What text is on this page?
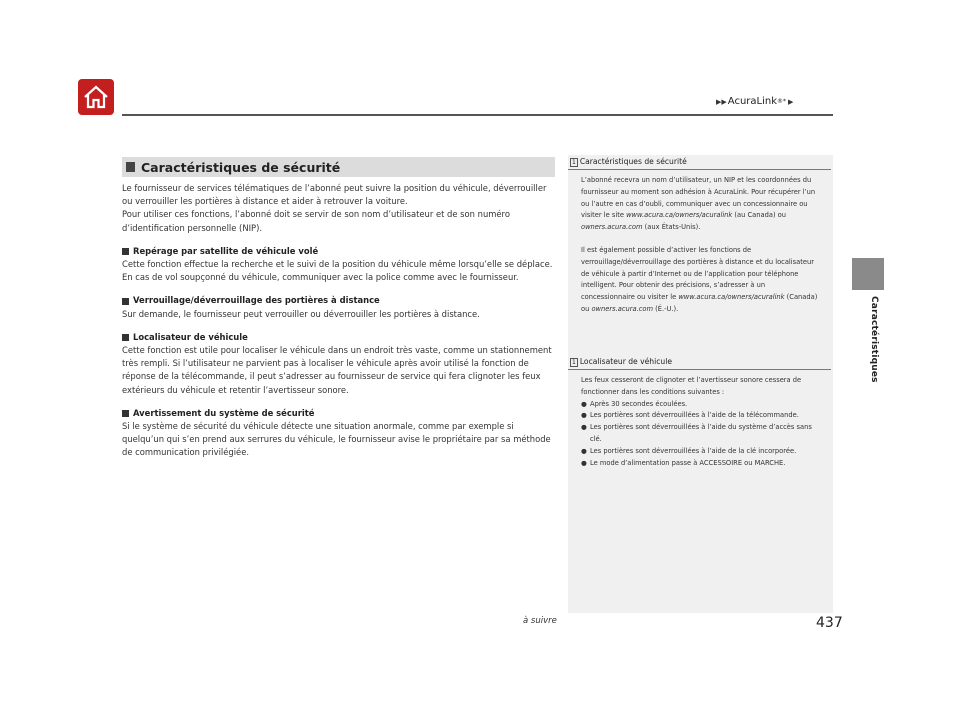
▶▶ AcuraLink ®* ▶
Caractéristiques
Caractéristiques de sécurité

Le fournisseur de services télématiques de l’abonné peut suivre la position du véhicule, déverrouiller ou verrouiller les portières à distance et aider à retrouver la voiture.

Pour utiliser ces fonctions, l’abonné doit se servir de son nom d’utilisateur et de son numéro d’identification personnelle (NIP).

Repérage par satellite de véhicule volé

Cette fonction effectue la recherche et le suivi de la position du véhicule même lorsqu’elle se déplace. En cas de vol soupçonné du véhicule, communiquer avec la police comme avec le fournisseur.

Verrouillage/déverrouillage des portières à distance

Sur demande, le fournisseur peut verrouiller ou déverrouiller les portières à distance.

Localisateur de véhicule

Cette fonction est utile pour localiser le véhicule dans un endroit très vaste, comme un stationnement très rempli. Si l’utilisateur ne parvient pas à localiser le véhicule après avoir utilisé la fonction de réponse de la télécommande, il peut s’adresser au fournisseur de service qui fera clignoter les feux extérieurs du véhicule et retentir l’avertisseur sonore.

Avertissement du système de sécurité

Si le système de sécurité du véhicule détecte une situation anormale, comme par exemple si quelqu’un qui s’en prend aux serrures du véhicule, le fournisseur avise le propriétaire par sa méthode de communication privilégiée.

1 Caractéristiques de sécurité

L’abonné recevra un nom d’utilisateur, un NIP et les coordonnées du fournisseur au moment son adhésion à AcuraLink. Pour récupérer l’un ou l’autre en cas d’oubli, communiquer avec un concessionnaire ou visiter le site www.acura.ca/owners/acuralink (au Canada) ou owners.acura.com (aux États-Unis).

Il est également possible d’activer les fonctions de verrouillage/déverrouillage des portières à distance et du localisateur de véhicule à partir d’Internet ou de l’application pour téléphone intelligent. Pour obtenir des précisions, s’adresser à un concessionnaire ou visiter le www.acura.ca/owners/acuralink (Canada) ou owners.acura.com (É.-U.).

1 Localisateur de véhicule

Les feux cesseront de clignoter et l’avertisseur sonore cessera de fonctionner dans les conditions suivantes :

● Après 30 secondes écoulées.
● Les portières sont déverrouillées à l’aide de la télécommande.
● Les portières sont déverrouillées à l’aide du système d’accès sans clé.
● Les portières sont déverrouillées à l’aide de la clé incorporée.
● Le mode d’alimentation passe à ACCESSOIRE ou MARCHE.
à suivre	437
